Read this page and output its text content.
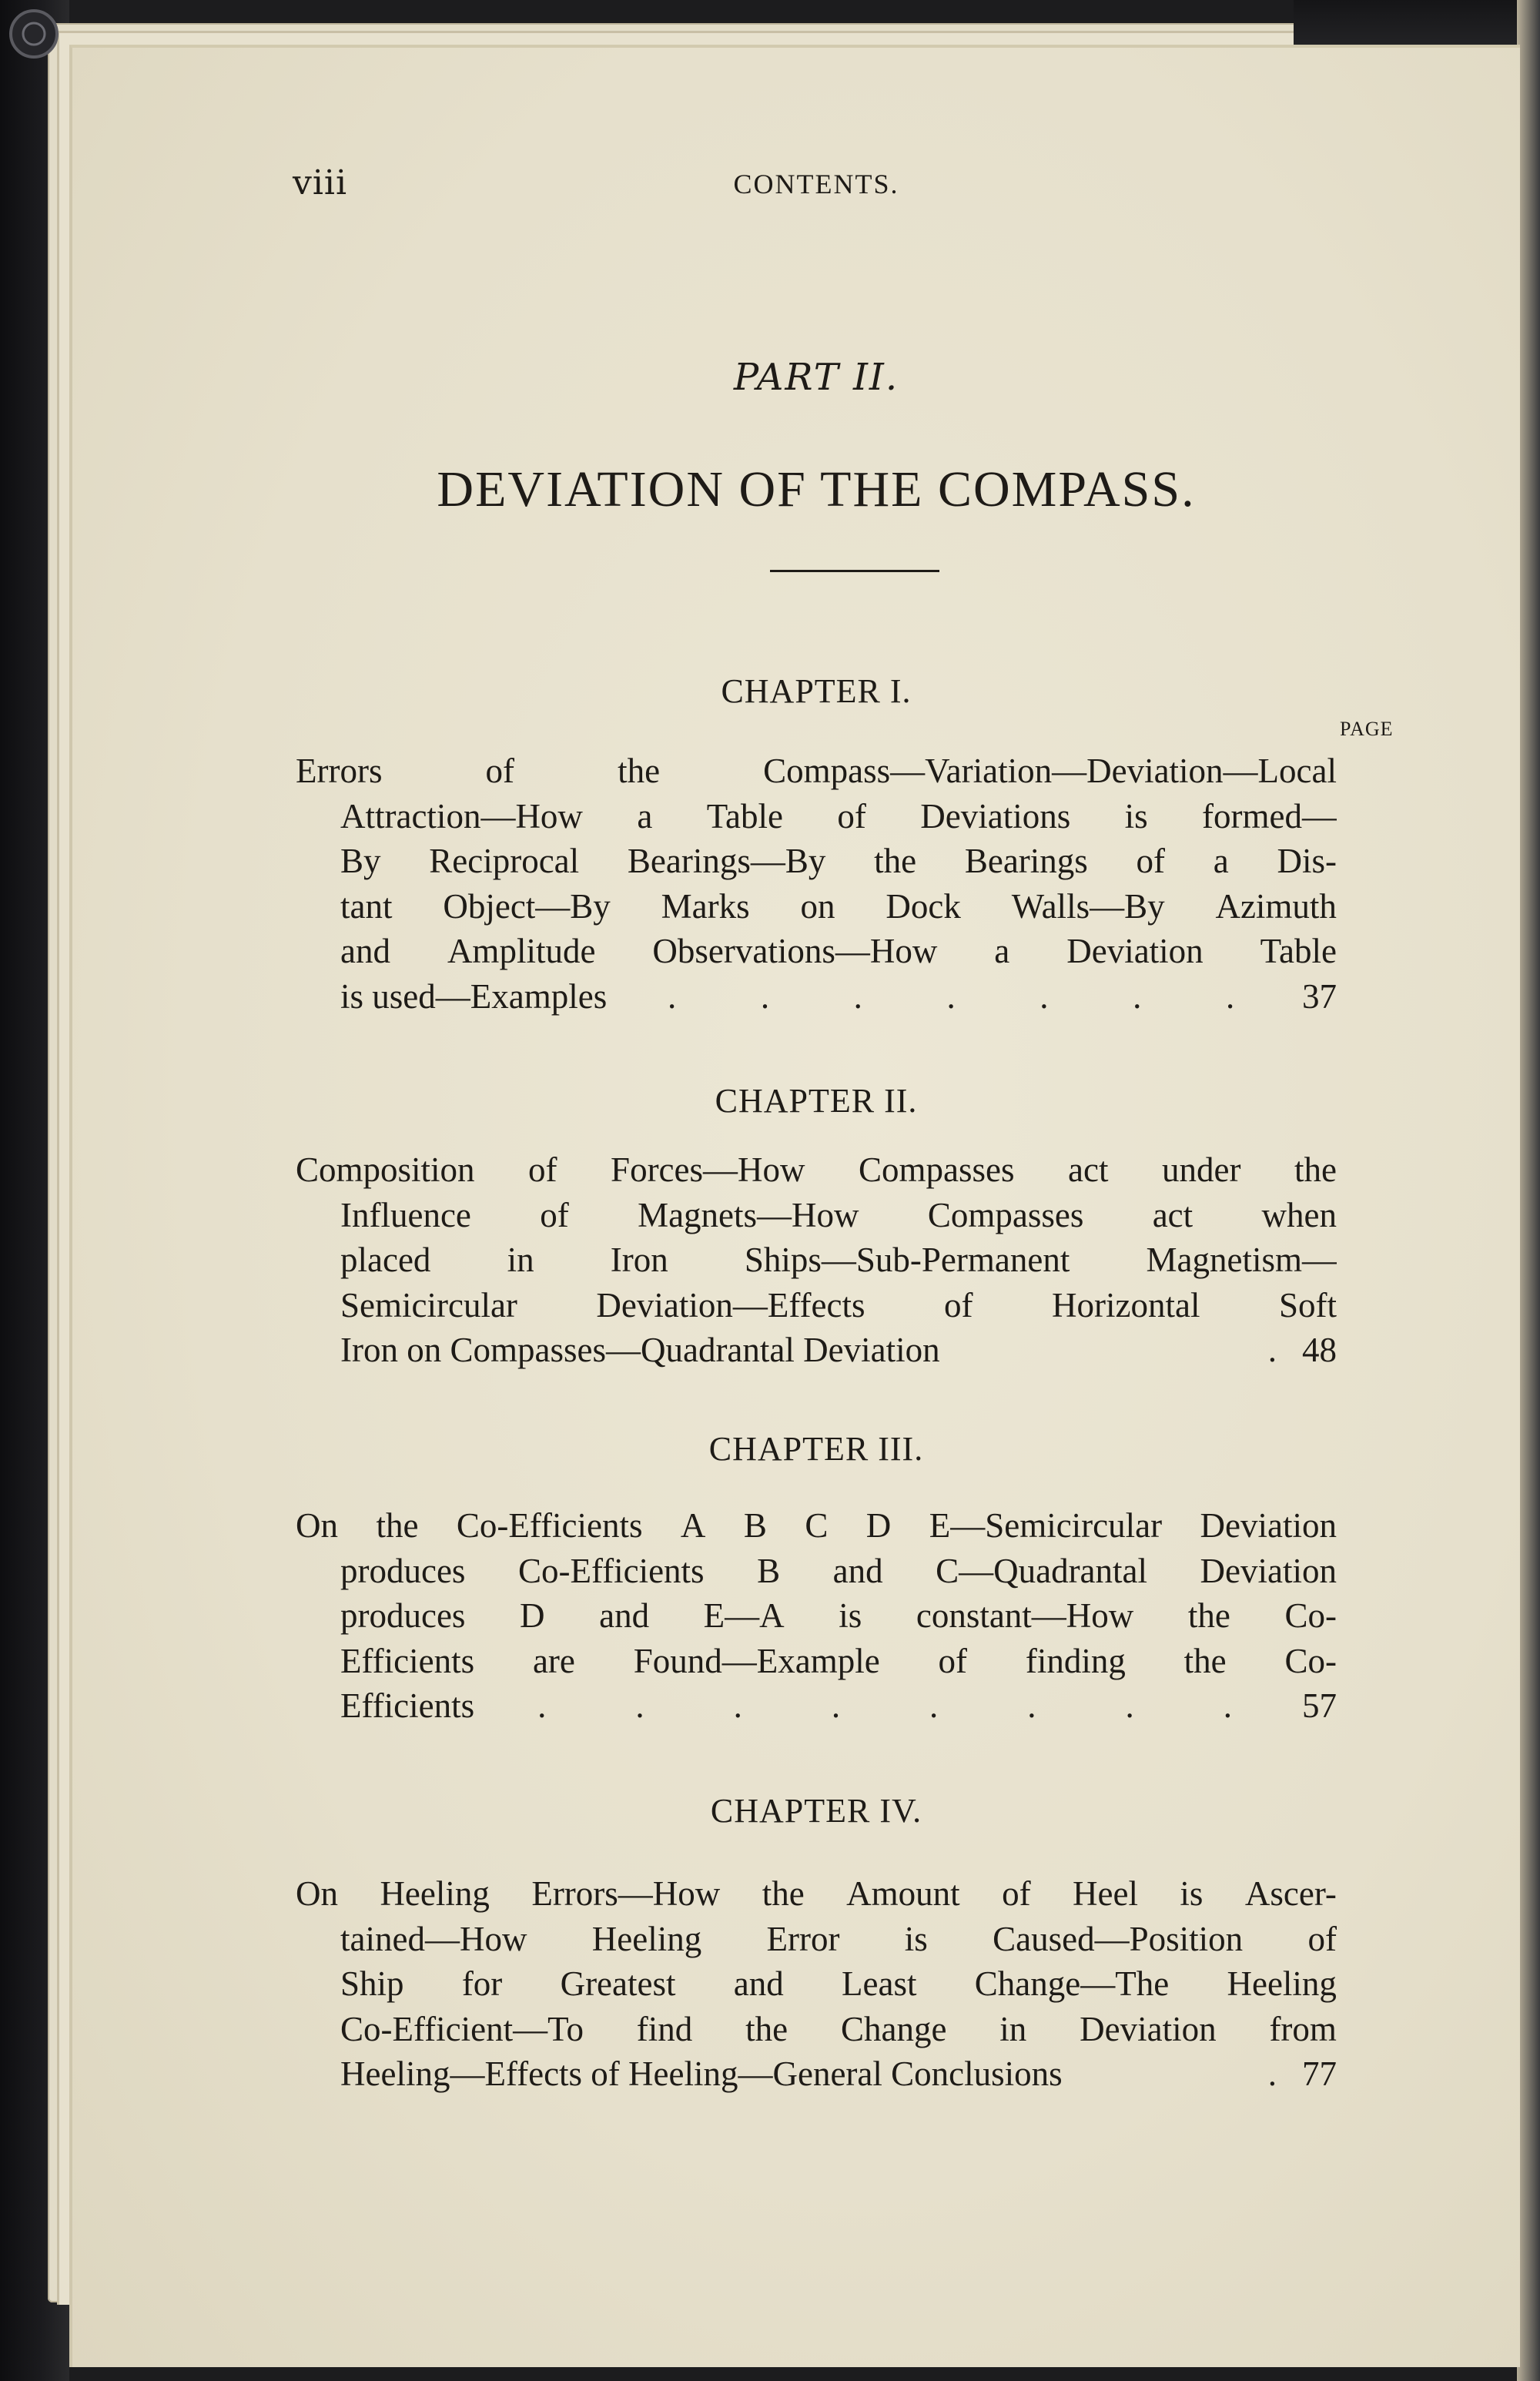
viii	CONTENTS.
PART II.
DEVIATION OF THE COMPASS.
PAGE
CHAPTER I.
Errors	of	the	Compass—Variation—Deviation—Local
Attraction—How a Table of Deviations is formed—
By Reciprocal Bearings—By the Bearings of a Dis-
tant Object—By Marks on Dock Walls—By Azimuth
and Amplitude Observations—How a Deviation Table
is used—Examples . . . . . . .	37
CHAPTER II.
Composition of Forces—How Compasses act under the
Influence of Magnets—How Compasses act when
placed in Iron Ships—Sub-Permanent Magnetism—
Semicircular Deviation—Effects of Horizontal Soft
Iron on Compasses—Quadrantal Deviation	. 48
CHAPTER III.
On the Co-Efficients A B C D E—Semicircular Deviation
produces Co-Efficients B and C—Quadrantal Deviation
produces D and E—A is constant—How the Co-
Efficients are Found—Example of finding the Co-
Efficients .	.	.	.	.	.	.	.	57
CHAPTER IV.
On Heeling Errors—How the Amount of Heel is Ascer-
tained—How Heeling Error is Caused—Position of
Ship for Greatest and Least Change—The Heeling
Co-Efficient—To find the Change in Deviation from
Heeling—Effects of Heeling—General Conclusions	. 77
